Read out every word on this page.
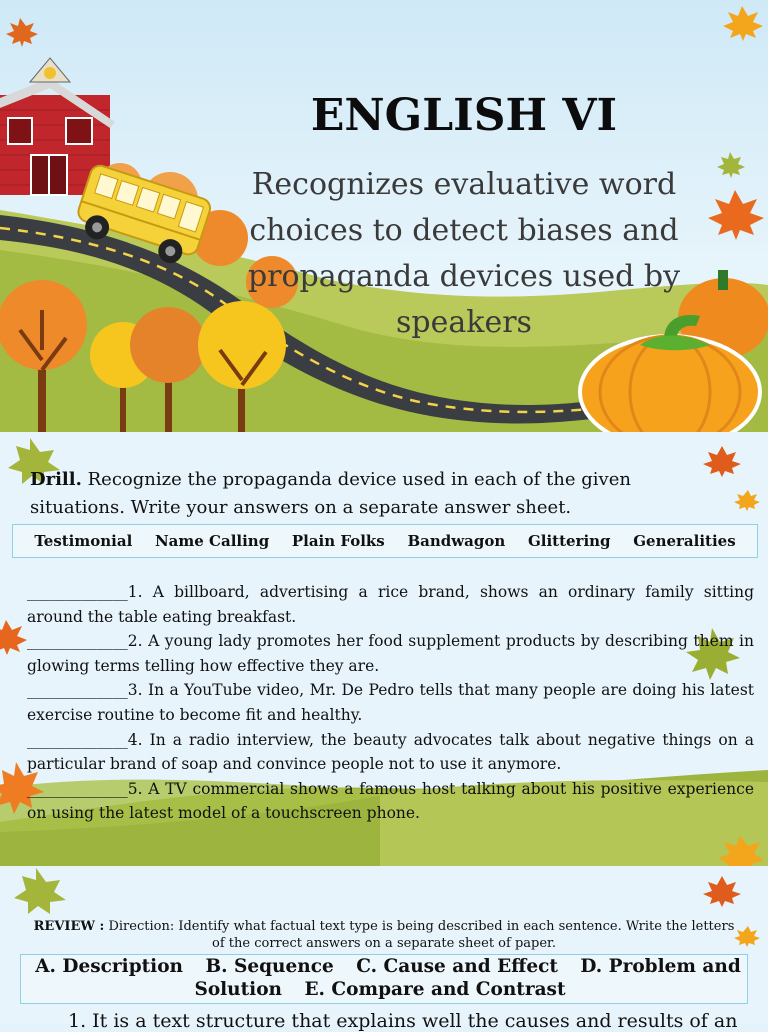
ENGLISH VI
Recognizes evaluative word choices to detect biases and propaganda devices used by speakers
Drill. Recognize the propaganda device used in each of the given situations. Write your answers on a separate answer sheet.
Testimonial Name Calling Plain Folks Bandwagon Glittering Generalities

_____________1. A billboard, advertising a rice brand, shows an ordinary family sitting around the table eating breakfast.

_____________2. A young lady promotes her food supplement products by describing them in glowing terms telling how effective they are.

_____________3. In a YouTube video, Mr. De Pedro tells that many people are doing his latest exercise routine to become fit and healthy.

_____________4. In a radio interview, the beauty advocates talk about negative things on a particular brand of soap and convince people not to use it anymore.

_____________5. A TV commercial shows a famous host talking about his positive experience on using the latest model of a touchscreen phone.

REVIEW : Direction: Identify what factual text type is being described in each sentence. Write the letters of the correct answers on a separate sheet of paper.
A. Description B. Sequence C. Cause and Effect D. Problem and Solution E. Compare and Contrast
1. It is a text structure that explains well the causes and results of an
